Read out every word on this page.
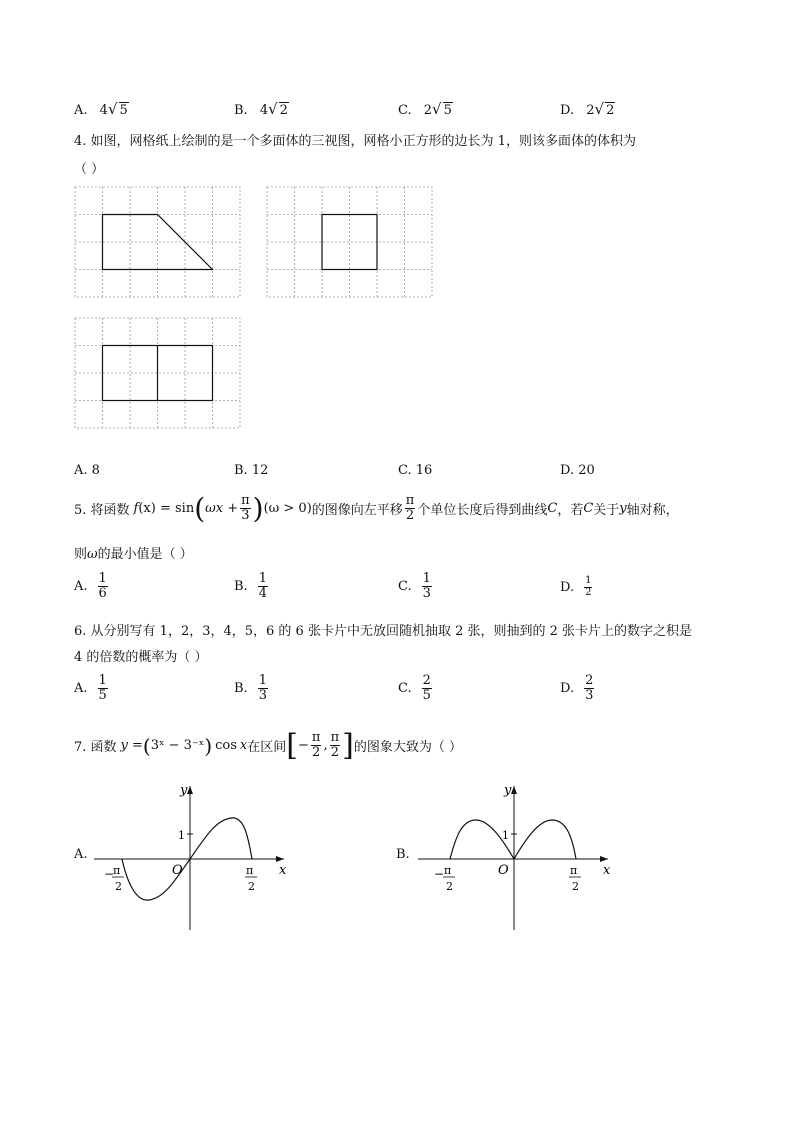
A. 4√ 5	B. 4√ 2	C. 2√ 5	D. 2√ 2
4. 如图，网格纸上绘制的是一个多面体的三视图，网格小正方形的边长为 1，则该多面体的体积为
（ ）
A. 8	B. 12	C. 16	D. 20
5. 将函数 f (x) = sin ( $\omega x + \frac{\pi}{3}$ ) (ω > 0) 的图像向左平移 $\frac{\pi}{2}$ 个单位长度后得到曲线 C ，若 C 关于 y 轴对称，
则ω的最小值是（ ）
A. $\frac{1}{6}$	B. $\frac{1}{4}$	C. $\frac{1}{3}$	D. $\frac{1}{2}$
6. 从分别写有 1，2，3，4，5，6 的 6 张卡片中无放回随机抽取 2 张，则抽到的 2 张卡片上的数字之积是
4 的倍数的概率为（ ）
A. $\frac{1}{5}$	B. $\frac{1}{3}$	C. $\frac{2}{5}$	D. $\frac{2}{3}$
7. 函数 y = ( 3ˣ − 3⁻ˣ ) cos x 在区间 [ − $\frac{\pi}{2}$ , $\frac{\pi}{2}$ ] 的图象大致为（ ）
A.
y
x
O
1
−
π
2
π
2
B.
y
x
O
1
− π
2
π
2
